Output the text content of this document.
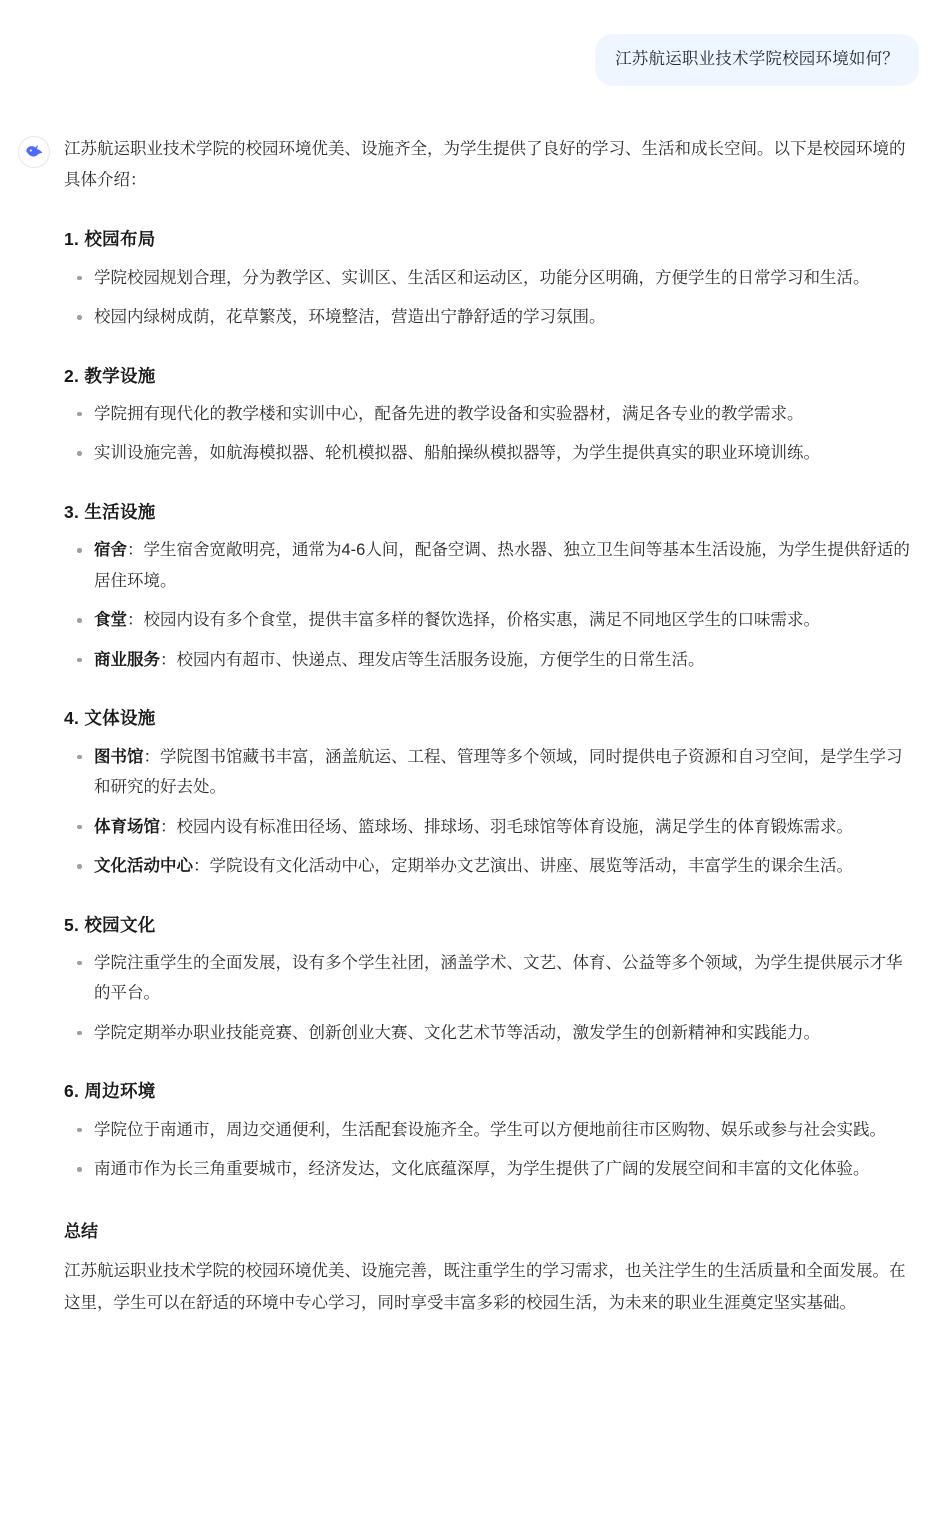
江苏航运职业技术学院校园环境如何？

江苏航运职业技术学院的校园环境优美、设施齐全，为学生提供了良好的学习、生活和成长空间。以下是校园环境的具体介绍：

1. 校园布局
学院校园规划合理，分为教学区、实训区、生活区和运动区，功能分区明确，方便学生的日常学习和生活。
校园内绿树成荫，花草繁茂，环境整洁，营造出宁静舒适的学习氛围。
2. 教学设施
学院拥有现代化的教学楼和实训中心，配备先进的教学设备和实验器材，满足各专业的教学需求。
实训设施完善，如航海模拟器、轮机模拟器、船舶操纵模拟器等，为学生提供真实的职业环境训练。
3. 生活设施
宿舍：学生宿舍宽敞明亮，通常为4-6人间，配备空调、热水器、独立卫生间等基本生活设施，为学生提供舒适的居住环境。
食堂：校园内设有多个食堂，提供丰富多样的餐饮选择，价格实惠，满足不同地区学生的口味需求。
商业服务：校园内有超市、快递点、理发店等生活服务设施，方便学生的日常生活。
4. 文体设施
图书馆：学院图书馆藏书丰富，涵盖航运、工程、管理等多个领域，同时提供电子资源和自习空间，是学生学习和研究的好去处。
体育场馆：校园内设有标准田径场、篮球场、排球场、羽毛球馆等体育设施，满足学生的体育锻炼需求。
文化活动中心：学院设有文化活动中心，定期举办文艺演出、讲座、展览等活动，丰富学生的课余生活。
5. 校园文化
学院注重学生的全面发展，设有多个学生社团，涵盖学术、文艺、体育、公益等多个领域，为学生提供展示才华的平台。
学院定期举办职业技能竞赛、创新创业大赛、文化艺术节等活动，激发学生的创新精神和实践能力。
6. 周边环境
学院位于南通市，周边交通便利，生活配套设施齐全。学生可以方便地前往市区购物、娱乐或参与社会实践。
南通市作为长三角重要城市，经济发达，文化底蕴深厚，为学生提供了广阔的发展空间和丰富的文化体验。
总结

江苏航运职业技术学院的校园环境优美、设施完善，既注重学生的学习需求，也关注学生的生活质量和全面发展。在这里，学生可以在舒适的环境中专心学习，同时享受丰富多彩的校园生活，为未来的职业生涯奠定坚实基础。
